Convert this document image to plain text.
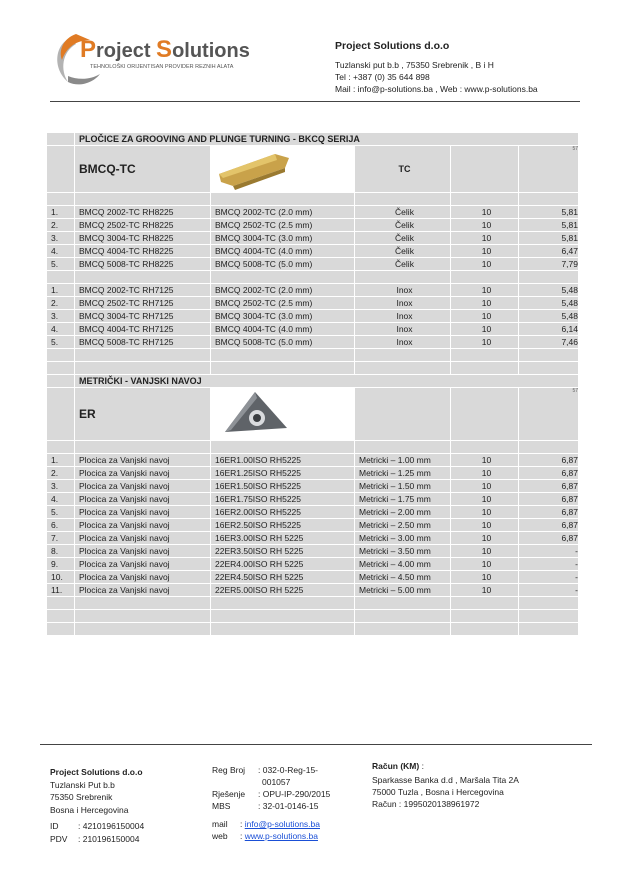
Project Solutions
TEHNOLOŠKI ORIJENTISAN PROVIDER REZNIH ALATA
Project Solutions d.o.o
Tuzlanski put b.b , 75350 Srebrenik , B i H
Tel : +387 (0) 35 644 898
Mail : info@p-solutions.ba , Web : www.p-solutions.ba
	PLOČICE ZA GROOVING AND PLUNGE TURNING - BKCQ SERIJA				
	BMCQ-TC		TC		57

1.	BMCQ 2002-TC RH8225	BMCQ 2002-TC (2.0 mm)	Čelik	10	5,81
2.	BMCQ 2502-TC RH8225	BMCQ 2502-TC (2.5 mm)	Čelik	10	5,81
3.	BMCQ 3004-TC RH8225	BMCQ 3004-TC (3.0 mm)	Čelik	10	5,81
4.	BMCQ 4004-TC RH8225	BMCQ 4004-TC (4.0 mm)	Čelik	10	6,47
5.	BMCQ 5008-TC RH8225	BMCQ 5008-TC (5.0 mm)	Čelik	10	7,79

1.	BMCQ 2002-TC RH7125	BMCQ 2002-TC (2.0 mm)	Inox	10	5,48
2.	BMCQ 2502-TC RH7125	BMCQ 2502-TC (2.5 mm)	Inox	10	5,48
3.	BMCQ 3004-TC RH7125	BMCQ 3004-TC (3.0 mm)	Inox	10	5,48
4.	BMCQ 4004-TC RH7125	BMCQ 4004-TC (4.0 mm)	Inox	10	6,14
5.	BMCQ 5008-TC RH7125	BMCQ 5008-TC (5.0 mm)	Inox	10	7,46

	METRIČKI - VANJSKI NAVOJ				
	ER				57

1.	Plocica za Vanjski navoj	16ER1.00ISO RH5225	Metricki – 1.00 mm	10	6,87
2.	Plocica za Vanjski navoj	16ER1.25ISO RH5225	Metricki – 1.25 mm	10	6,87
3.	Plocica za Vanjski navoj	16ER1.50ISO RH5225	Metricki – 1.50 mm	10	6,87
4.	Plocica za Vanjski navoj	16ER1.75ISO RH5225	Metricki – 1.75 mm	10	6,87
5.	Plocica za Vanjski navoj	16ER2.00ISO RH5225	Metricki – 2.00 mm	10	6,87
6.	Plocica za Vanjski navoj	16ER2.50ISO RH5225	Metricki – 2.50 mm	10	6,87
7.	Plocica za Vanjski navoj	16ER3.00ISO RH 5225	Metricki – 3.00 mm	10	6,87
8.	Plocica za Vanjski navoj	22ER3.50ISO RH 5225	Metricki – 3.50 mm	10	-
9.	Plocica za Vanjski navoj	22ER4.00ISO RH 5225	Metricki – 4.00 mm	10	-
10.	Plocica za Vanjski navoj	22ER4.50ISO RH 5225	Metricki – 4.50 mm	10	-
11.	Plocica za Vanjski navoj	22ER5.00ISO RH 5225	Metricki – 5.00 mm	10	-

Project Solutions d.o.o
Tuzlanski Put b.b
75350 Srebrenik
Bosna i Hercegovina
ID : 4210196150004
PDV : 210196150004
Reg Broj : 032-0-Reg-15-
001057
Rješenje : OPU-IP-290/2015
MBS	: 32-01-0146-15
mail : info@p-solutions.ba
web : www.p-solutions.ba
Račun (KM) :
Sparkasse Banka d.d , Maršala Tita 2A
75000 Tuzla , Bosna i Hercegovina
Račun : 1995020138961972
